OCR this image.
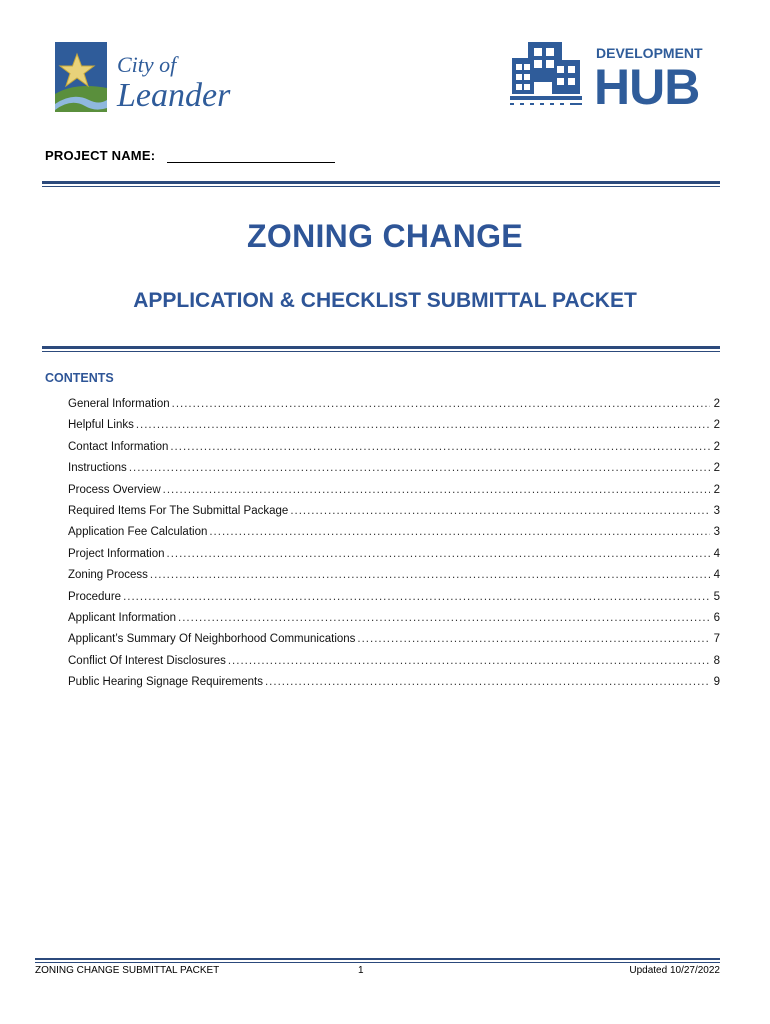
City of
Leander
DEVELOPMENT
HUB
PROJECT NAME:
ZONING CHANGE
APPLICATION & CHECKLIST SUBMITTAL PACKET
CONTENTS
General Information .....	2
Helpful Links .....	2
Contact Information .....	2
Instructions .....	2
Process Overview .....	2
Required Items For The Submittal Package .....	3
Application Fee Calculation .....	3
Project Information .....	4
Zoning Process .....	4
Procedure .....	5
Applicant Information .....	6
Applicant’s Summary Of Neighborhood Communications .....	7
Conflict Of Interest Disclosures .....	8
Public Hearing Signage Requirements .....	9
ZONING CHANGE SUBMITTAL PACKET	1	Updated 10/27/2022
